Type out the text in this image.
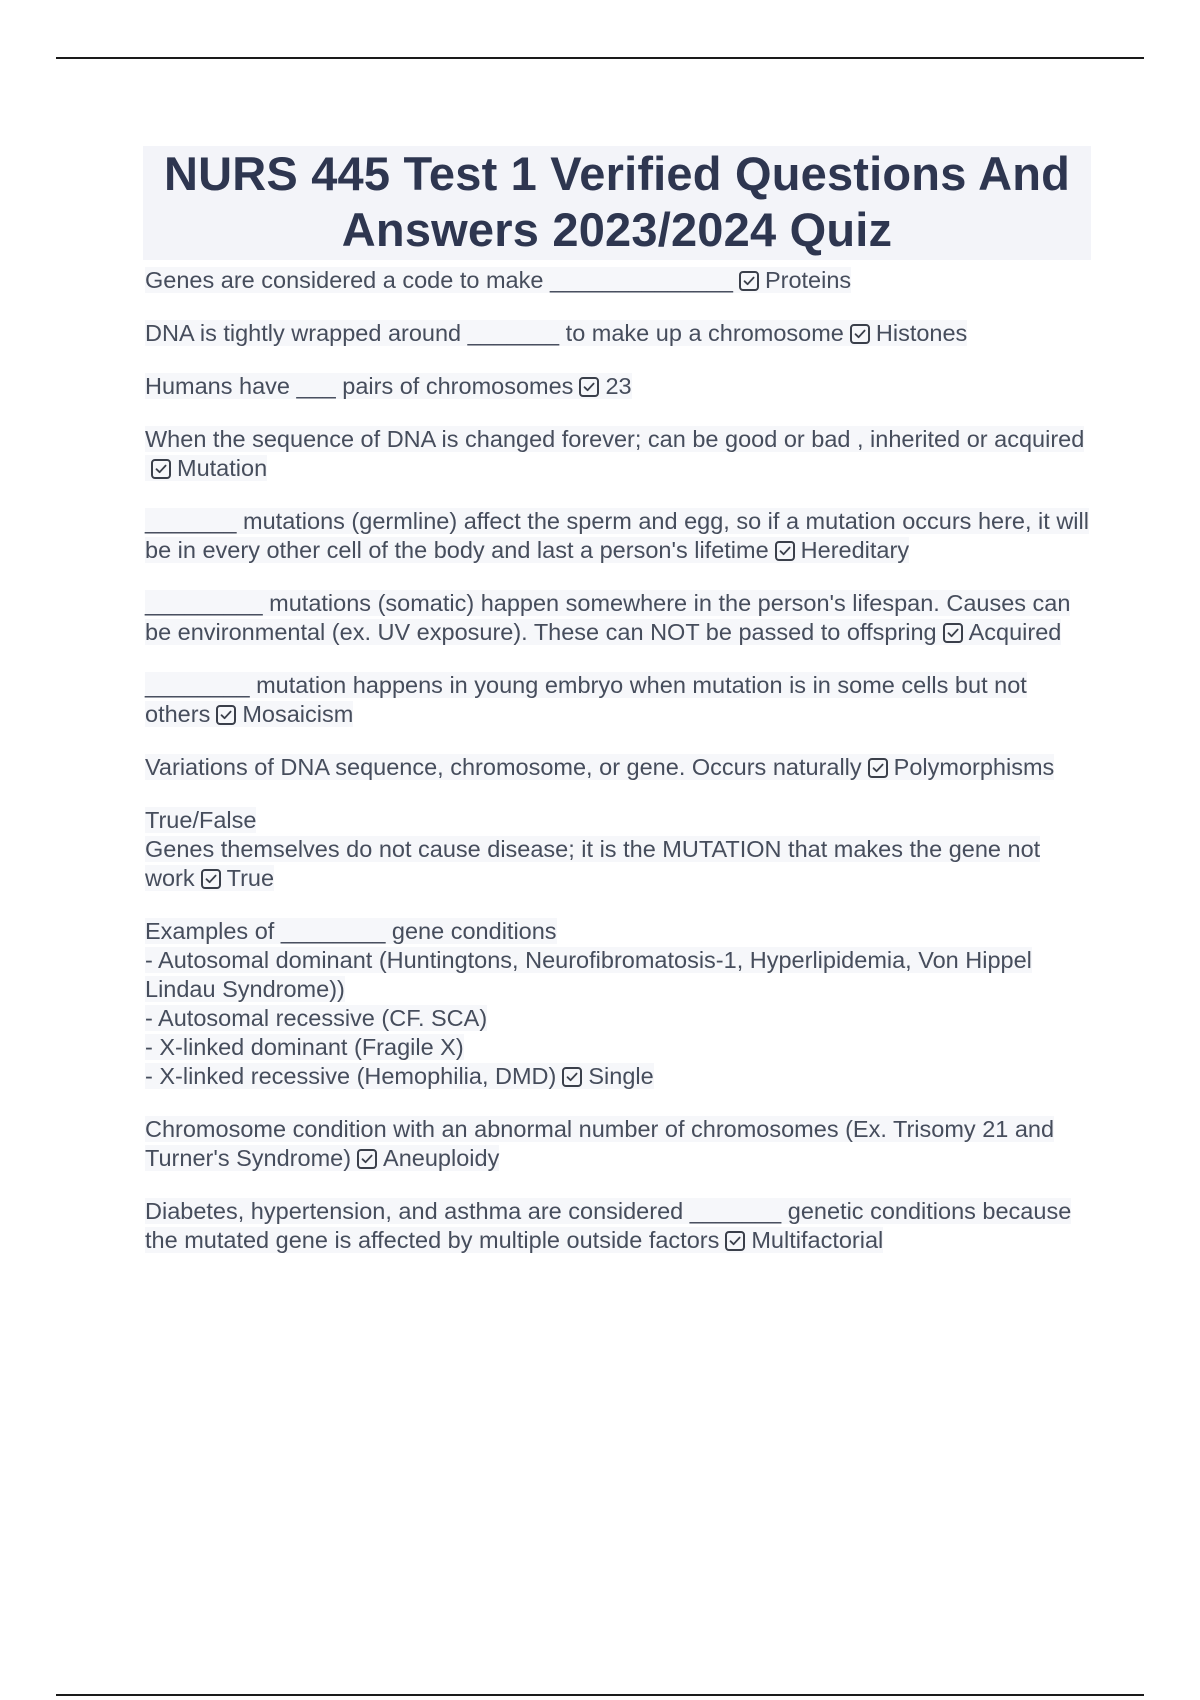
NURS 445 Test 1 Verified Questions And
Answers 2023/2024 Quiz
Genes are considered a code to make ______________ Proteins
DNA is tightly wrapped around _______ to make up a chromosome Histones
Humans have ___ pairs of chromosomes 23
When the sequence of DNA is changed forever; can be good or bad , inherited or acquired
Mutation
_______ mutations (germline) affect the sperm and egg, so if a mutation occurs here, it will be in every other cell of the body and last a person's lifetime Hereditary
_________ mutations (somatic) happen somewhere in the person's lifespan. Causes can be environmental (ex. UV exposure). These can NOT be passed to offspring Acquired
________ mutation happens in young embryo when mutation is in some cells but not others Mosaicism
Variations of DNA sequence, chromosome, or gene. Occurs naturally Polymorphisms
True/False
Genes themselves do not cause disease; it is the MUTATION that makes the gene not work True
Examples of ________ gene conditions
- Autosomal dominant (Huntingtons, Neurofibromatosis-1, Hyperlipidemia, Von Hippel Lindau Syndrome))
- Autosomal recessive (CF. SCA)
- X-linked dominant (Fragile X)
- X-linked recessive (Hemophilia, DMD) Single
Chromosome condition with an abnormal number of chromosomes (Ex. Trisomy 21 and Turner's Syndrome) Aneuploidy
Diabetes, hypertension, and asthma are considered _______ genetic conditions because the mutated gene is affected by multiple outside factors Multifactorial
